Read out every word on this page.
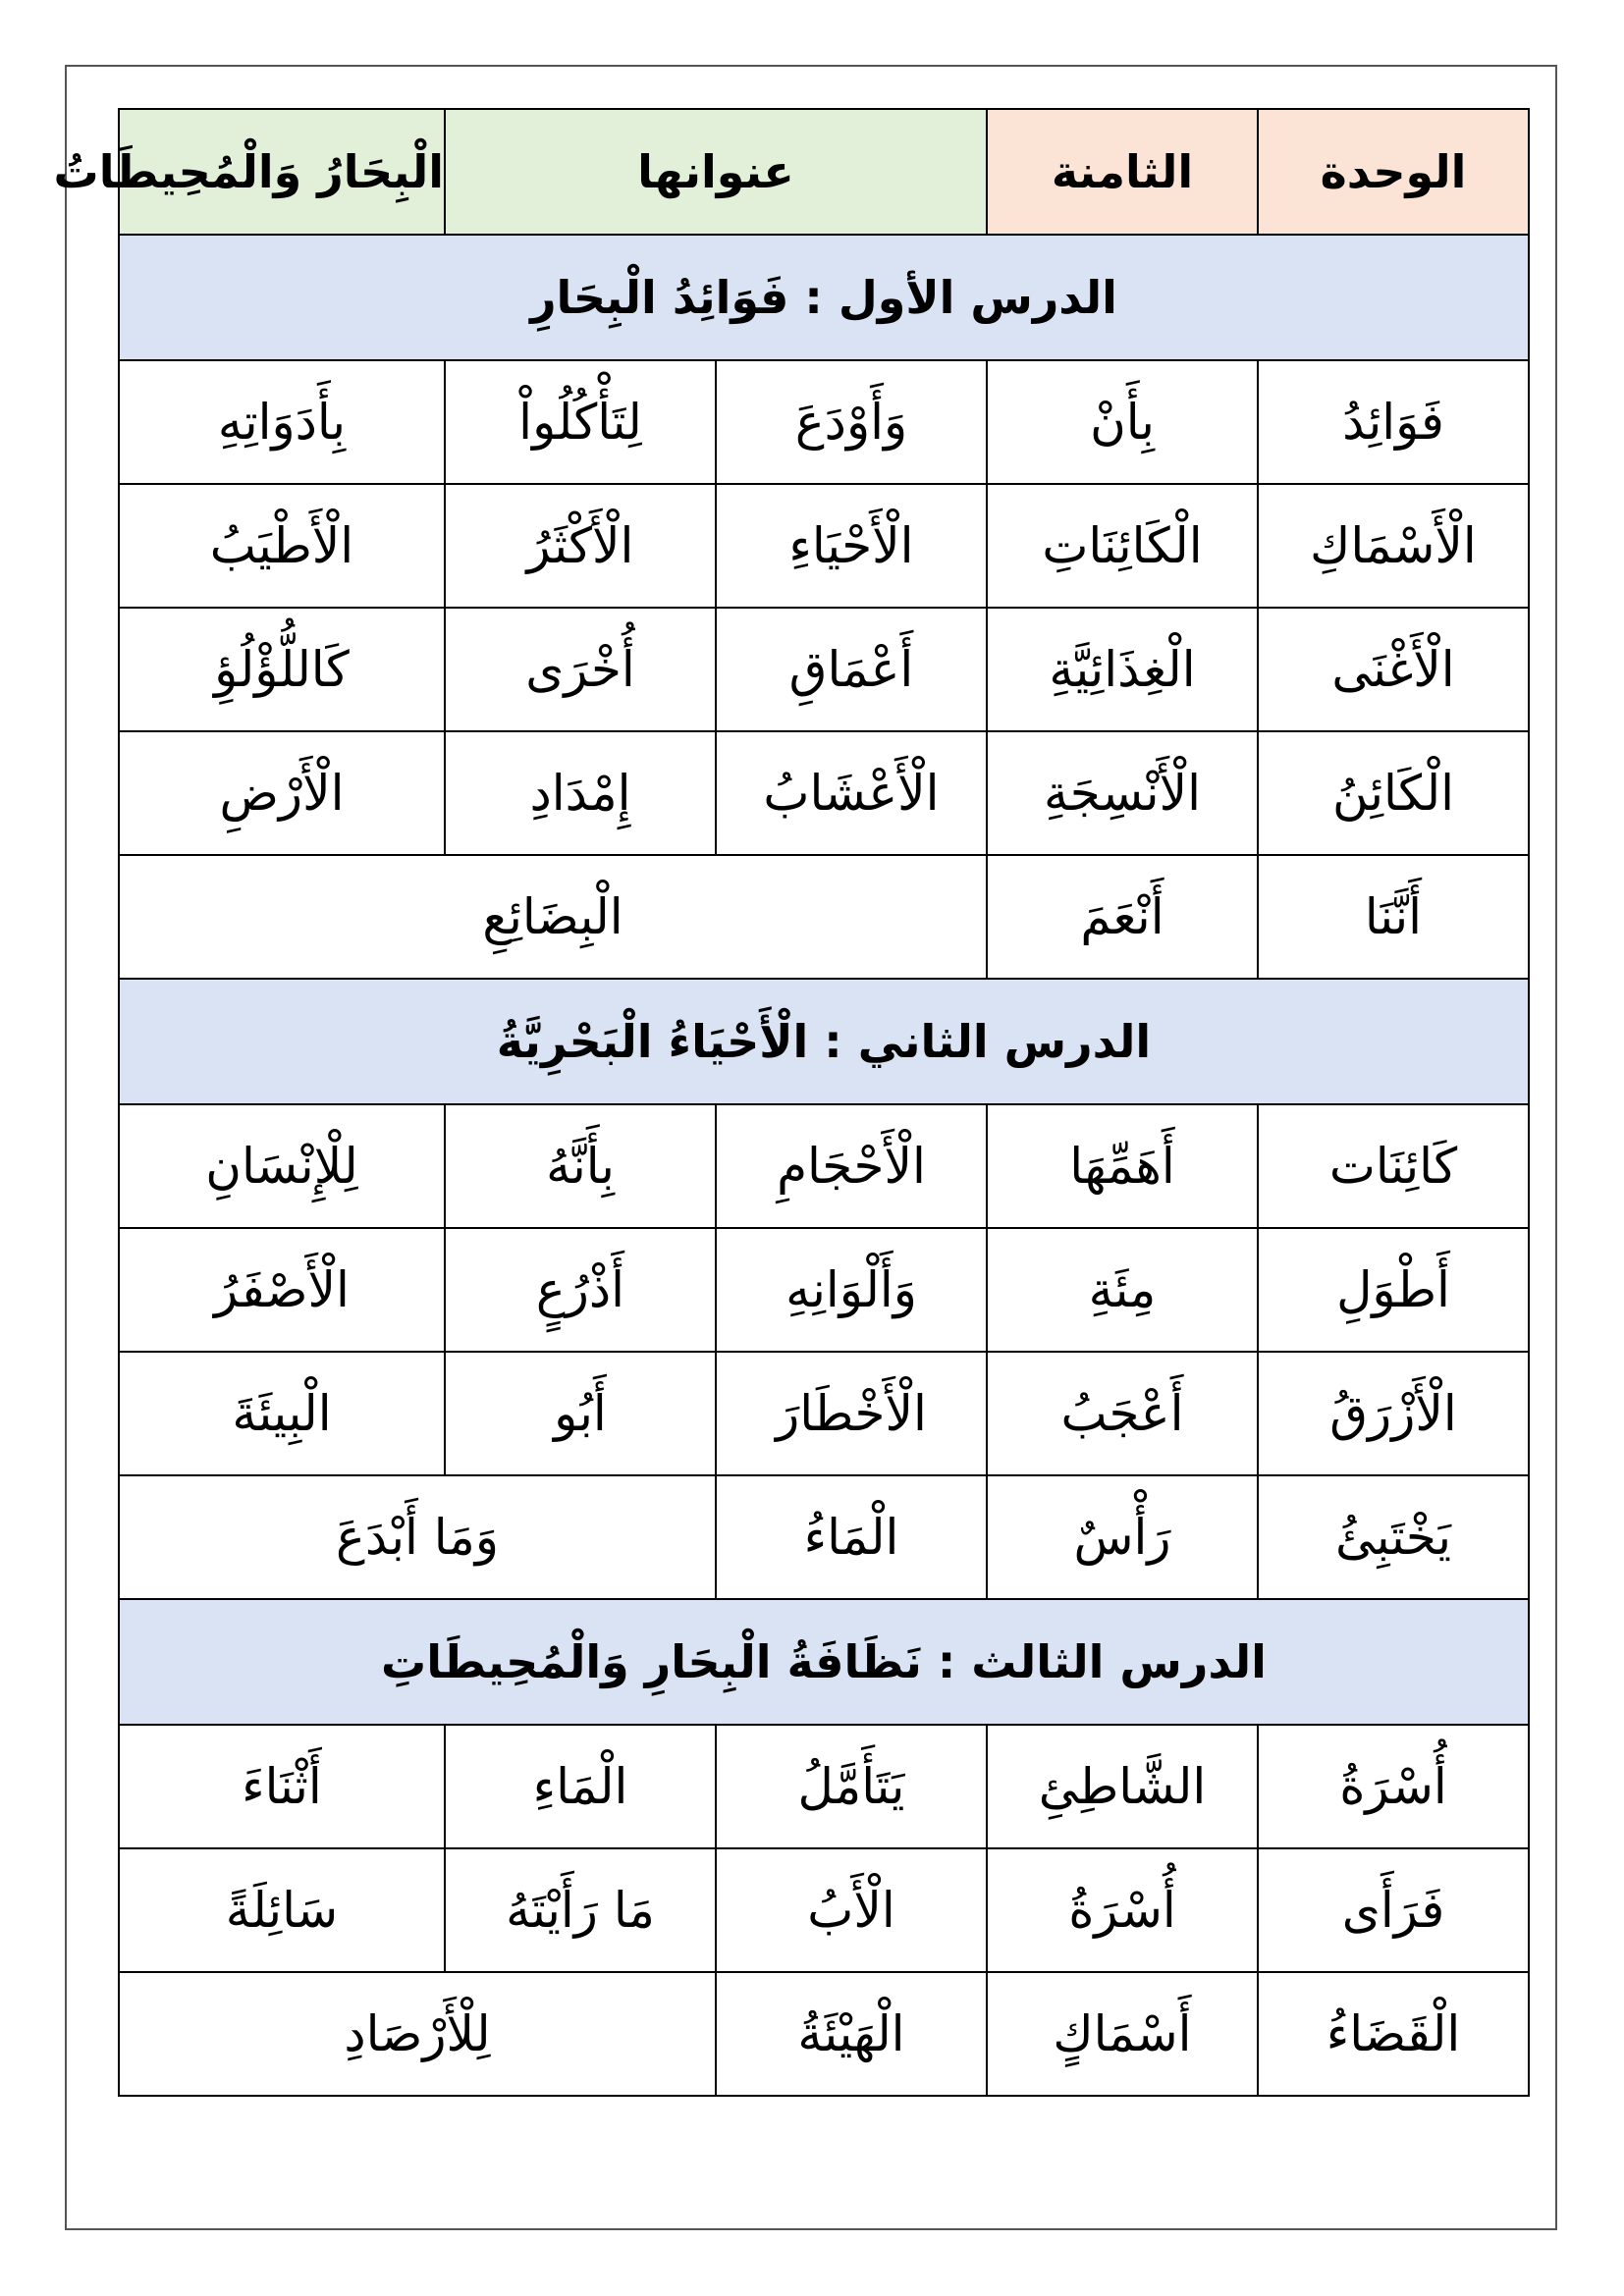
الوحدة	الثامنة	عنوانها		الْبِحَارُ وَالْمُحِيطَاتُ
الدرس الأول : فَوَائِدُ الْبِحَارِ				
فَوَائِدُ	بِأَنْ	وَأَوْدَعَ	لِتَأْكُلُواْ	بِأَدَوَاتِهِ
الْأَسْمَاكِ	الْكَائِنَاتِ	الْأَحْيَاءِ	الْأَكْثَرُ	الْأَطْيَبُ
الْأَغْنَى	الْغِذَائِيَّةِ	أَعْمَاقِ	أُخْرَى	كَاللُّؤْلُؤِ
الْكَائِنُ	الْأَنْسِجَةِ	الْأَعْشَابُ	إِمْدَادِ	الْأَرْضِ
أَنَّنَا	أَنْعَمَ	الْبِضَائِعِ		
الدرس الثاني : الْأَحْيَاءُ الْبَحْرِيَّةُ				
كَائِنَات	أَهَمِّهَا	الْأَحْجَامِ	بِأَنَّهُ	لِلْإِنْسَانِ
أَطْوَلِ	مِئَةِ	وَأَلْوَانِهِ	أَذْرُعٍ	الْأَصْفَرُ
الْأَزْرَقُ	أَعْجَبُ	الْأَخْطَارَ	أَبُو	الْبِيئَةَ
يَخْتَبِئُ	رَأْسٌ	الْمَاءُ	وَمَا أَبْدَعَ	
الدرس الثالث : نَظَافَةُ الْبِحَارِ وَالْمُحِيطَاتِ				
أُسْرَةُ	الشَّاطِئِ	يَتَأَمَّلُ	الْمَاءِ	أَثْنَاءَ
فَرَأَى	أُسْرَةُ	الْأَبُ	مَا رَأَيْتَهُ	سَائِلَةً
الْقَضَاءُ	أَسْمَاكٍ	الْهَيْئَةُ	لِلْأَرْصَادِ	
